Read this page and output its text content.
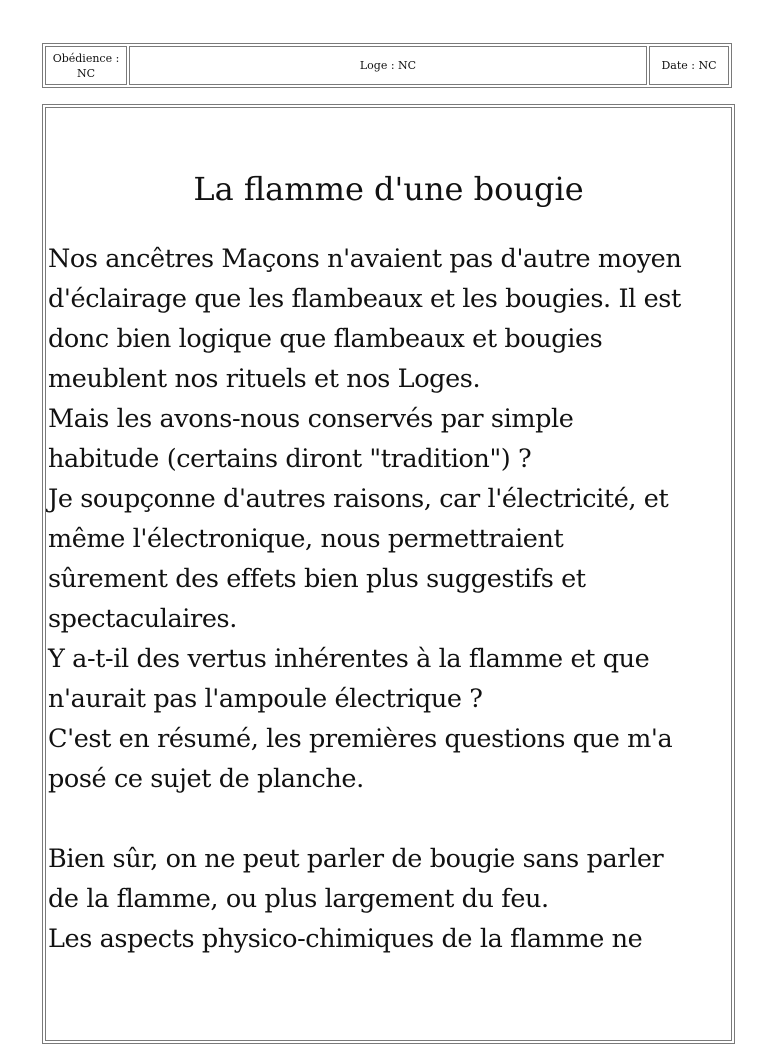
Obédience :
NC
Loge : NC	Date : NC
La flamme d'une bougie
Nos ancêtres Maçons n'avaient pas d'autre moyen
d'éclairage que les flambeaux et les bougies. Il est
donc bien logique que flambeaux et bougies
meublent nos rituels et nos Loges.
Mais les avons-nous conservés par simple
habitude (certains diront "tradition") ?
Je soupçonne d'autres raisons, car l'électricité, et
même l'électronique, nous permettraient
sûrement des effets bien plus suggestifs et
spectaculaires.
Y a-t-il des vertus inhérentes à la flamme et que
n'aurait pas l'ampoule électrique ?
C'est en résumé, les premières questions que m'a
posé ce sujet de planche.
Bien sûr, on ne peut parler de bougie sans parler
de la flamme, ou plus largement du feu.
Les aspects physico-chimiques de la flamme ne
